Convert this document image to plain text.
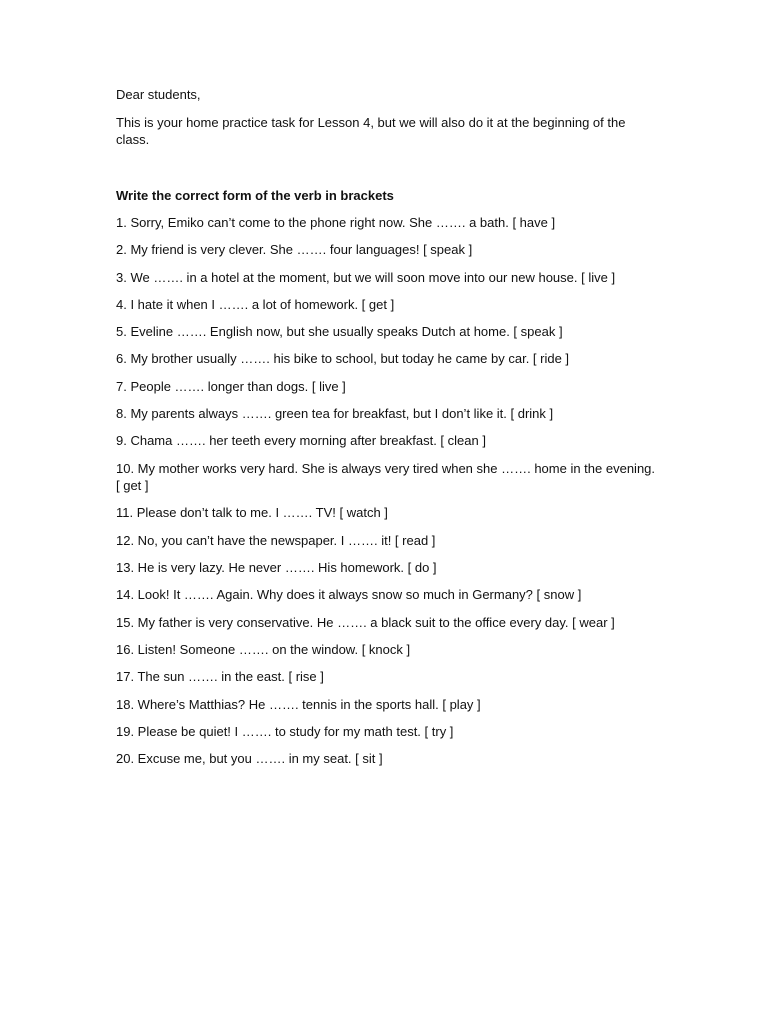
Dear students,

This is your home practice task for Lesson 4, but we will also do it at the beginning of the class.

Write the correct form of the verb in brackets

1. Sorry, Emiko can’t come to the phone right now. She ……. a bath. [ have ]
2. My friend is very clever. She ……. four languages! [ speak ]
3. We ……. in a hotel at the moment, but we will soon move into our new house. [ live ]
4. I hate it when I ……. a lot of homework. [ get ]
5. Eveline ……. English now, but she usually speaks Dutch at home. [ speak ]
6. My brother usually ……. his bike to school, but today he came by car. [ ride ]
7. People ……. longer than dogs. [ live ]
8. My parents always ……. green tea for breakfast, but I don’t like it. [ drink ]
9. Chama ……. her teeth every morning after breakfast. [ clean ]
10. My mother works very hard. She is always very tired when she ……. home in the evening. [ get ]
11. Please don’t talk to me. I ……. TV! [ watch ]
12. No, you can’t have the newspaper. I ……. it! [ read ]
13. He is very lazy. He never ……. His homework. [ do ]
14. Look! It ……. Again. Why does it always snow so much in Germany? [ snow ]
15. My father is very conservative. He ……. a black suit to the office every day. [ wear ]
16. Listen! Someone ……. on the window. [ knock ]
17. The sun ……. in the east. [ rise ]
18. Where’s Matthias? He ……. tennis in the sports hall. [ play ]
19. Please be quiet! I ……. to study for my math test. [ try ]
20. Excuse me, but you ……. in my seat. [ sit ]
